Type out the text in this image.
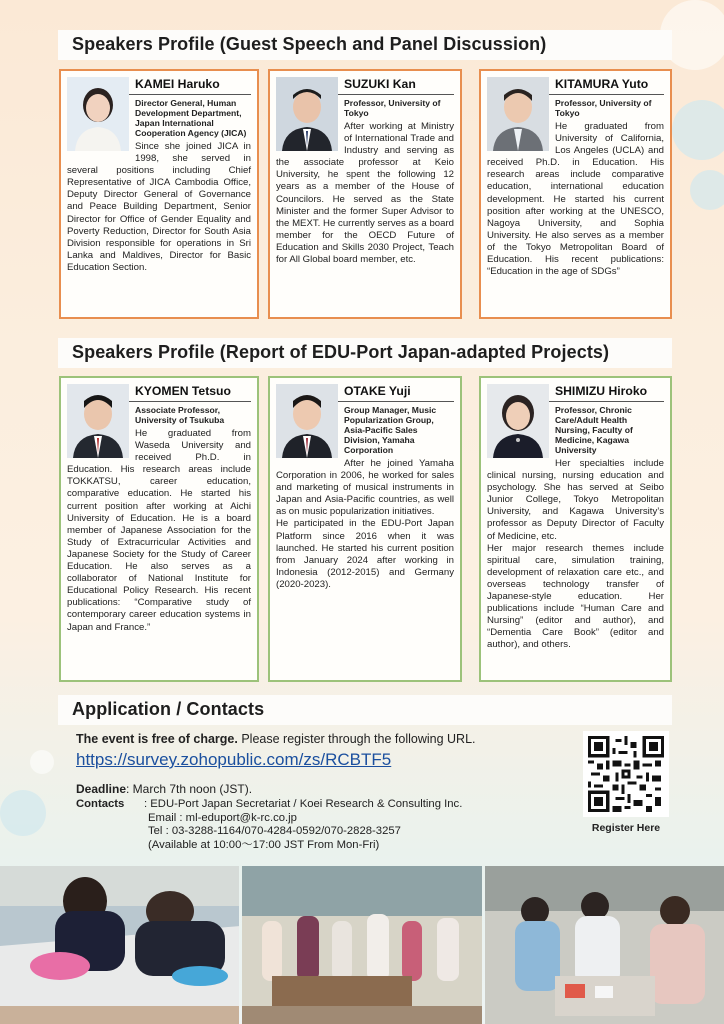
Speakers Profile (Guest Speech and Panel Discussion)
KAMEI Haruko
Director General, Human Development Department, Japan International Cooperation Agency (JICA)
Since she joined JICA in 1998, she served in several positions including Chief Representative of JICA Cambodia Office, Deputy Director General of Governance and Peace Building Department, Senior Director for Office of Gender Equality and Poverty Reduction, Director for South Asia Division responsible for operations in Sri Lanka and Maldives, Director for Basic Education Section.
SUZUKI Kan
Professor, University of Tokyo
After working at Ministry of International Trade and Industry and serving as the associate professor at Keio University, he spent the following 12 years as a member of the House of Councilors. He served as the State Minister and the former Super Advisor to the MEXT. He currently serves as a board member for the OECD Future of Education and Skills 2030 Project, Teach for All Global board member, etc.
KITAMURA Yuto
Professor, University of Tokyo
He graduated from University of California, Los Angeles (UCLA) and received Ph.D. in Education. His research areas include comparative education, international education development. He started his current position after working at the UNESCO, Nagoya University, and Sophia University. He also serves as a member of the Tokyo Metropolitan Board of Education. His recent publications: “Education in the age of SDGs”
Speakers Profile (Report of EDU-Port Japan-adapted Projects)
KYOMEN Tetsuo
Associate Professor, University of Tsukuba
He graduated from Waseda University and received Ph.D. in Education. His research areas include TOKKATSU, career education, comparative education. He started his current position after working at Aichi University of Education. He is a board member of Japanese Association for the Study of Extracurricular Activities and Japanese Society for the Study of Career Education. He also serves as a collaborator of National Institute for Educational Policy Research. His recent publications: “Comparative study of contemporary career education systems in Japan and France.”
OTAKE Yuji
Group Manager, Music Popularization Group, Asia-Pacific Sales Division, Yamaha Corporation

After he joined Yamaha Corporation in 2006, he worked for sales and marketing of musical instruments in Japan and Asia-Pacific countries, as well as on music popularization initiatives.

He participated in the EDU-Port Japan Platform since 2016 when it was launched. He started his current position from January 2024 after working in Indonesia (2012-2015) and Germany (2020-2023).

SHIMIZU Hiroko
Professor, Chronic Care/Adult Health Nursing, Faculty of Medicine, Kagawa University

Her specialties include clinical nursing, nursing education and psychology. She has served at Seibo Junior College, Tokyo Metropolitan University, and Kagawa University’s professor as Deputy Director of Faculty of Medicine, etc.

Her major research themes include spiritual care, simulation training, development of relaxation care etc., and overseas technology transfer of Japanese-style education. Her publications include “Human Care and Nursing” (editor and author), and “Dementia Care Book” (editor and author), and others.

Application / Contacts
The event is free of charge. Please register through the following URL.
https://survey.zohopublic.com/zs/RCBTF5
Deadline: March 7th noon (JST).
Contacts	: EDU-Port Japan Secretariat / Koei Research & Consulting Inc.
Email : ml-eduport@k-rc.co.jp
Tel : 03-3288-1164/070-4284-0592/070-2828-3257
(Available at 10:00～17:00 JST From Mon-Fri)
Register Here
